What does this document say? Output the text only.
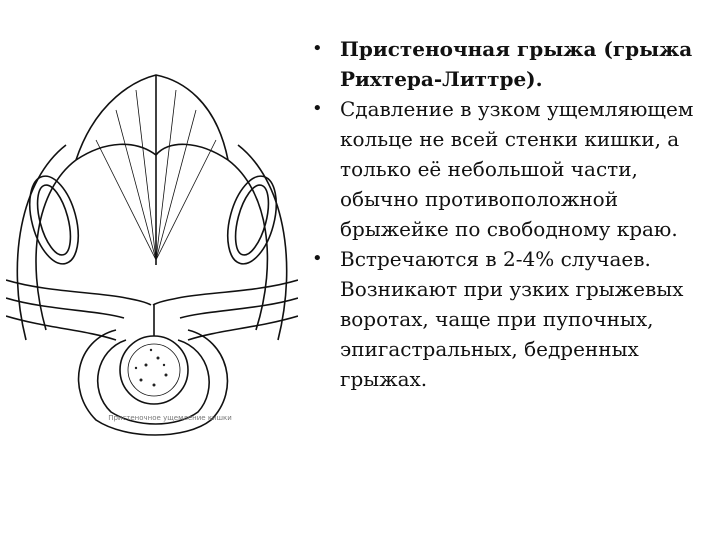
Пристеночное ущемление кишки
• Пристеночная грыжа (грыжа Рихтера-Литтре).
• Сдавление в узком ущемляющем кольце не всей стенки кишки, а только её небольшой части, обычно противоположной брыжейке по свободному краю.
• Встречаются в 2-4% случаев. Возникают при узких грыжевых воротах, чаще при пупочных, эпигастральных, бедренных грыжах.
